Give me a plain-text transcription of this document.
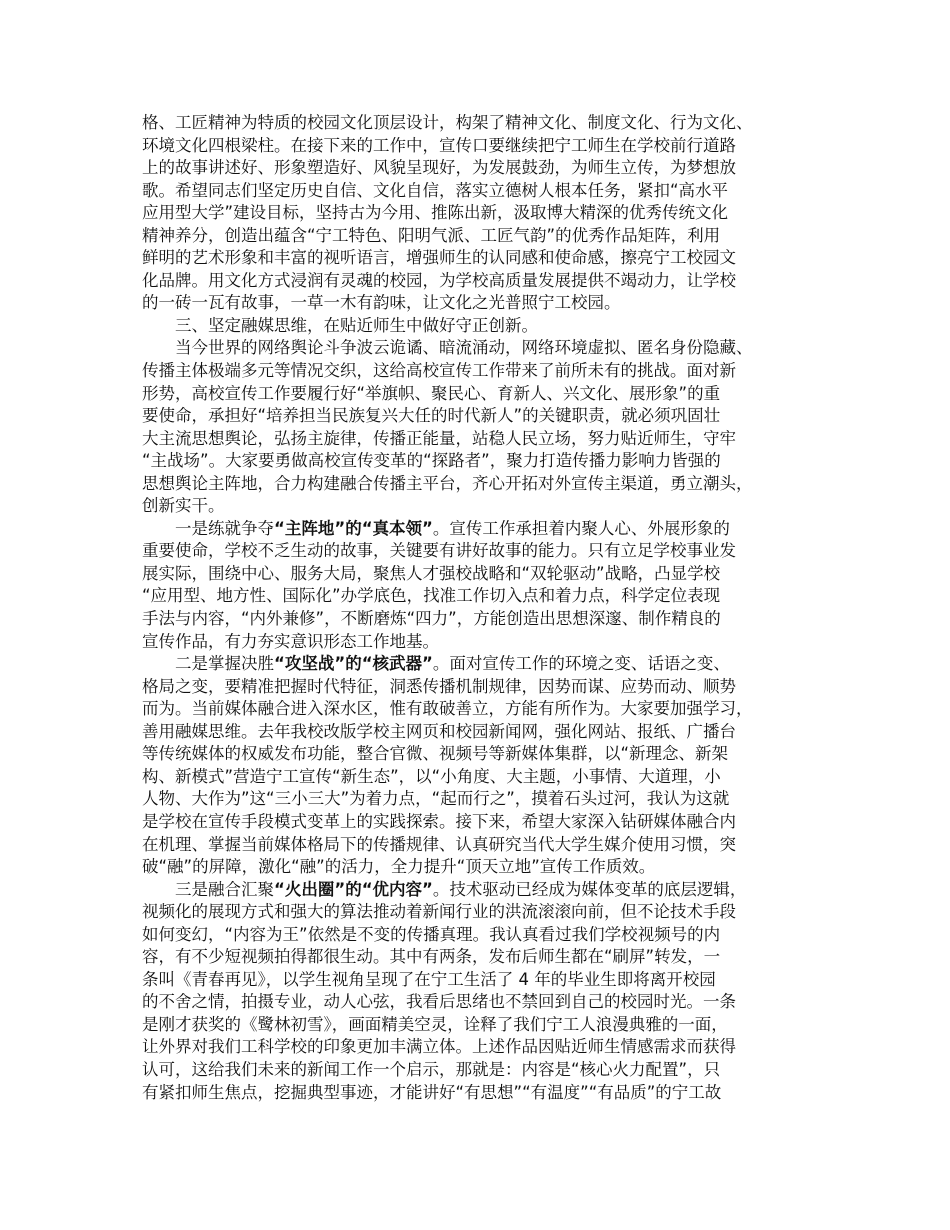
格、工匠精神为特质的校园文化顶层设计，构架了精神文化、制度文化、行为文化、
环境文化四根梁柱。在接下来的工作中，宣传口要继续把宁工师生在学校前行道路
上的故事讲述好、形象塑造好、风貌呈现好，为发展鼓劲，为师生立传，为梦想放
歌。希望同志们坚定历史自信、文化自信，落实立德树人根本任务，紧扣“高水平
应用型大学”建设目标，坚持古为今用、推陈出新，汲取博大精深的优秀传统文化
精神养分，创造出蕴含“宁工特色、阳明气派、工匠气韵”的优秀作品矩阵，利用
鲜明的艺术形象和丰富的视听语言，增强师生的认同感和使命感，擦亮宁工校园文
化品牌。用文化方式浸润有灵魂的校园，为学校高质量发展提供不竭动力，让学校
的一砖一瓦有故事，一草一木有韵味，让文化之光普照宁工校园。
　　三、坚定融媒思维，在贴近师生中做好守正创新。
　　当今世界的网络舆论斗争波云诡谲、暗流涌动，网络环境虚拟、匿名身份隐藏、
传播主体极端多元等情况交织，这给高校宣传工作带来了前所未有的挑战。面对新
形势，高校宣传工作要履行好“举旗帜、聚民心、育新人、兴文化、展形象”的重
要使命，承担好“培养担当民族复兴大任的时代新人”的关键职责，就必须巩固壮
大主流思想舆论，弘扬主旋律，传播正能量，站稳人民立场，努力贴近师生，守牢
“主战场”。大家要勇做高校宣传变革的“探路者”，聚力打造传播力影响力皆强的
思想舆论主阵地，合力构建融合传播主平台，齐心开拓对外宣传主渠道，勇立潮头，
创新实干。
　　一是练就争夺“主阵地”的“真本领”。宣传工作承担着内聚人心、外展形象的
重要使命，学校不乏生动的故事，关键要有讲好故事的能力。只有立足学校事业发
展实际，围绕中心、服务大局，聚焦人才强校战略和“双轮驱动”战略，凸显学校
“应用型、地方性、国际化”办学底色，找准工作切入点和着力点，科学定位表现
手法与内容，“内外兼修”，不断磨炼“四力”，方能创造出思想深邃、制作精良的
宣传作品，有力夯实意识形态工作地基。
　　二是掌握决胜“攻坚战”的“核武器”。面对宣传工作的环境之变、话语之变、
格局之变，要精准把握时代特征，洞悉传播机制规律，因势而谋、应势而动、顺势
而为。当前媒体融合进入深水区，惟有敢破善立，方能有所作为。大家要加强学习，
善用融媒思维。去年我校改版学校主网页和校园新闻网，强化网站、报纸、广播台
等传统媒体的权威发布功能，整合官微、视频号等新媒体集群，以“新理念、新架
构、新模式”营造宁工宣传“新生态”，以“小角度、大主题，小事情、大道理，小
人物、大作为”这“三小三大”为着力点，“起而行之”，摸着石头过河，我认为这就
是学校在宣传手段模式变革上的实践探索。接下来，希望大家深入钻研媒体融合内
在机理、掌握当前媒体格局下的传播规律、认真研究当代大学生媒介使用习惯，突
破“融”的屏障，激化“融”的活力，全力提升“顶天立地”宣传工作质效。
　　三是融合汇聚“火出圈”的“优内容”。技术驱动已经成为媒体变革的底层逻辑，
视频化的展现方式和强大的算法推动着新闻行业的洪流滚滚向前，但不论技术手段
如何变幻，“内容为王”依然是不变的传播真理。我认真看过我们学校视频号的内
容，有不少短视频拍得都很生动。其中有两条，发布后师生都在“刷屏”转发，一
条叫《青春再见》，以学生视角呈现了在宁工生活了 4 年的毕业生即将离开校园
的不舍之情，拍摄专业，动人心弦，我看后思绪也不禁回到自己的校园时光。一条
是刚才获奖的《鹭林初雪》，画面精美空灵，诠释了我们宁工人浪漫典雅的一面，
让外界对我们工科学校的印象更加丰满立体。上述作品因贴近师生情感需求而获得
认可，这给我们未来的新闻工作一个启示，那就是：内容是“核心火力配置”，只
有紧扣师生焦点，挖掘典型事迹，才能讲好“有思想”“有温度”“有品质”的宁工故
